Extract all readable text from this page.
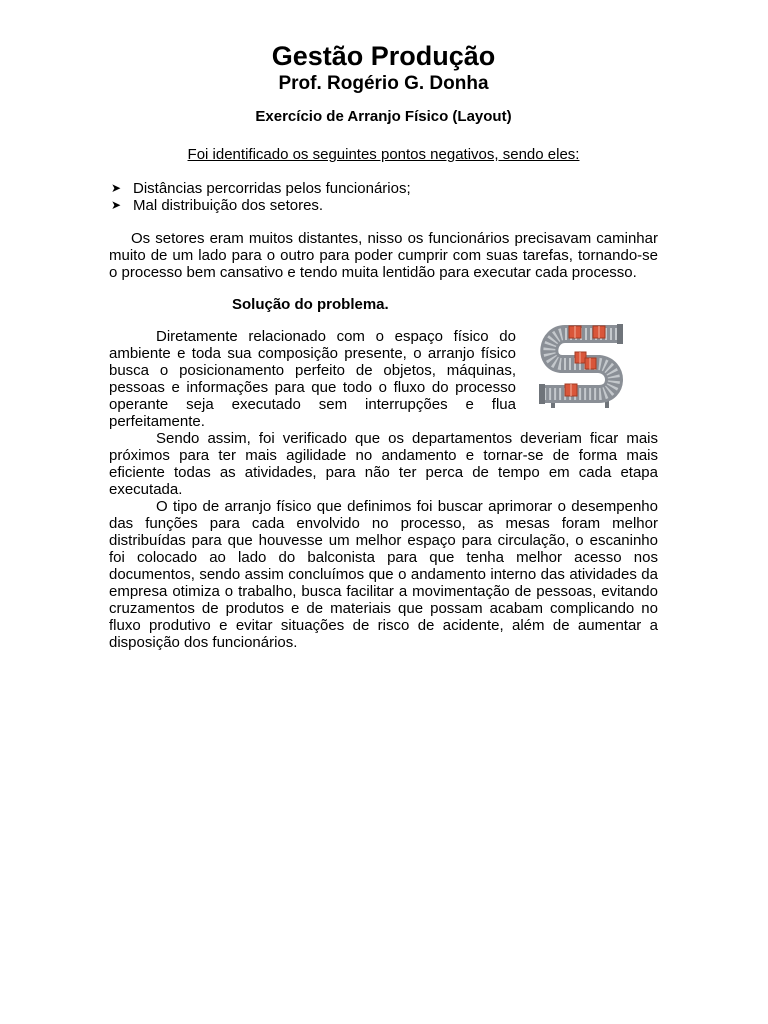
Gestão Produção
Prof. Rogério G. Donha
Exercício de Arranjo Físico (Layout)
Foi identificado os seguintes pontos negativos, sendo eles:
➤ Distâncias percorridas pelos funcionários;
➤ Mal distribuição dos setores.

Os setores eram muitos distantes, nisso os funcionários precisavam caminhar muito de um lado para o outro para poder cumprir com suas tarefas, tornando-se o processo bem cansativo e tendo muita lentidão para executar cada processo.

Solução do problema.

Diretamente relacionado com o espaço físico do ambiente e toda sua composição presente, o arranjo físico busca o posicionamento perfeito de objetos, máquinas, pessoas e informações para que todo o fluxo do processo operante seja executado sem interrupções e flua perfeitamente.

Sendo assim, foi verificado que os departamentos deveriam ficar mais próximos para ter mais agilidade no andamento e tornar-se de forma mais eficiente todas as atividades, para não ter perca de tempo em cada etapa executada.

O tipo de arranjo físico que definimos foi buscar aprimorar o desempenho das funções para cada envolvido no processo, as mesas foram melhor distribuídas para que houvesse um melhor espaço para circulação, o escaninho foi colocado ao lado do balconista para que tenha melhor acesso nos documentos, sendo assim concluímos que o andamento interno das atividades da empresa otimiza o trabalho, busca facilitar a movimentação de pessoas, evitando cruzamentos de produtos e de materiais que possam acabam complicando no fluxo produtivo e evitar situações de risco de acidente, além de aumentar a disposição dos funcionários.
